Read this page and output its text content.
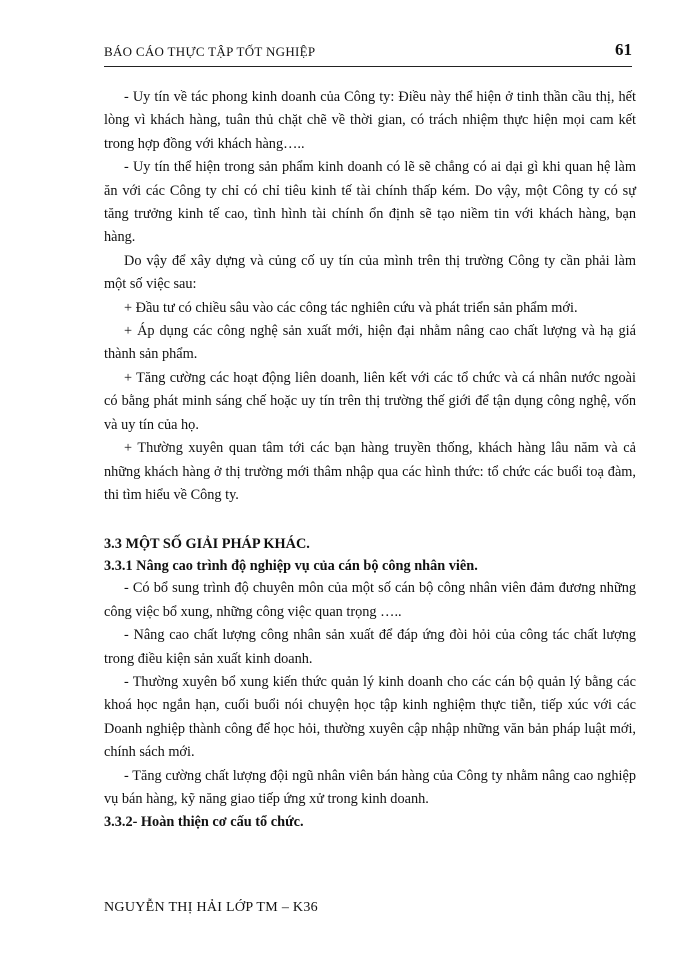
BÁO CÁO THỰC TẬP TỐT NGHIỆP	61

- Uy tín về tác phong kinh doanh của Công ty: Điều này thể hiện ở tinh thần cầu thị, hết lòng vì khách hàng, tuân thủ chặt chẽ về thời gian, có trách nhiệm thực hiện mọi cam kết trong hợp đồng với khách hàng…..

- Uy tín thể hiện trong sản phẩm kinh doanh có lẽ sẽ chẳng có ai dại gì khi quan hệ làm ăn với các Công ty chỉ có chỉ tiêu kinh tế tài chính thấp kém. Do vậy, một Công ty có sự tăng trưởng kinh tế cao, tình hình tài chính ổn định sẽ tạo niềm tin với khách hàng, bạn hàng.

Do vậy để xây dựng và củng cố uy tín của mình trên thị trường Công ty cần phải làm một số việc sau:

+ Đầu tư có chiều sâu vào các công tác nghiên cứu và phát triển sản phẩm mới.

+ Áp dụng các công nghệ sản xuất mới, hiện đại nhằm nâng cao chất lượng và hạ giá thành sản phẩm.

+ Tăng cường các hoạt động liên doanh, liên kết với các tổ chức và cá nhân nước ngoài có bằng phát minh sáng chế hoặc uy tín trên thị trường thế giới để tận dụng công nghệ, vốn và uy tín của họ.

+ Thường xuyên quan tâm tới các bạn hàng truyền thống, khách hàng lâu năm và cả những khách hàng ở thị trường mới thâm nhập qua các hình thức: tổ chức các buổi toạ đàm, thi tìm hiểu về Công ty.

3.3 MỘT SỐ GIẢI PHÁP KHÁC.

3.3.1 Nâng cao trình độ nghiệp vụ của cán bộ công nhân viên.

- Có bổ sung trình độ chuyên môn của một số cán bộ công nhân viên đảm đương những công việc bổ xung, những công việc quan trọng …..

- Nâng cao chất lượng công nhân sản xuất để đáp ứng đòi hỏi của công tác chất lượng trong điều kiện sản xuất kinh doanh.

- Thường xuyên bổ xung kiến thức quản lý kinh doanh cho các cán bộ quản lý bằng các khoá học ngắn hạn, cuối buổi nói chuyện học tập kinh nghiệm thực tiễn, tiếp xúc với các Doanh nghiệp thành công để học hỏi, thường xuyên cập nhập những văn bản pháp luật mới, chính sách mới.

- Tăng cường chất lượng đội ngũ nhân viên bán hàng của Công ty nhằm nâng cao nghiệp vụ bán hàng, kỹ năng giao tiếp ứng xử trong kinh doanh.

3.3.2- Hoàn thiện cơ cấu tổ chức.

NGUYỄN THỊ HẢI LỚP TM – K36
